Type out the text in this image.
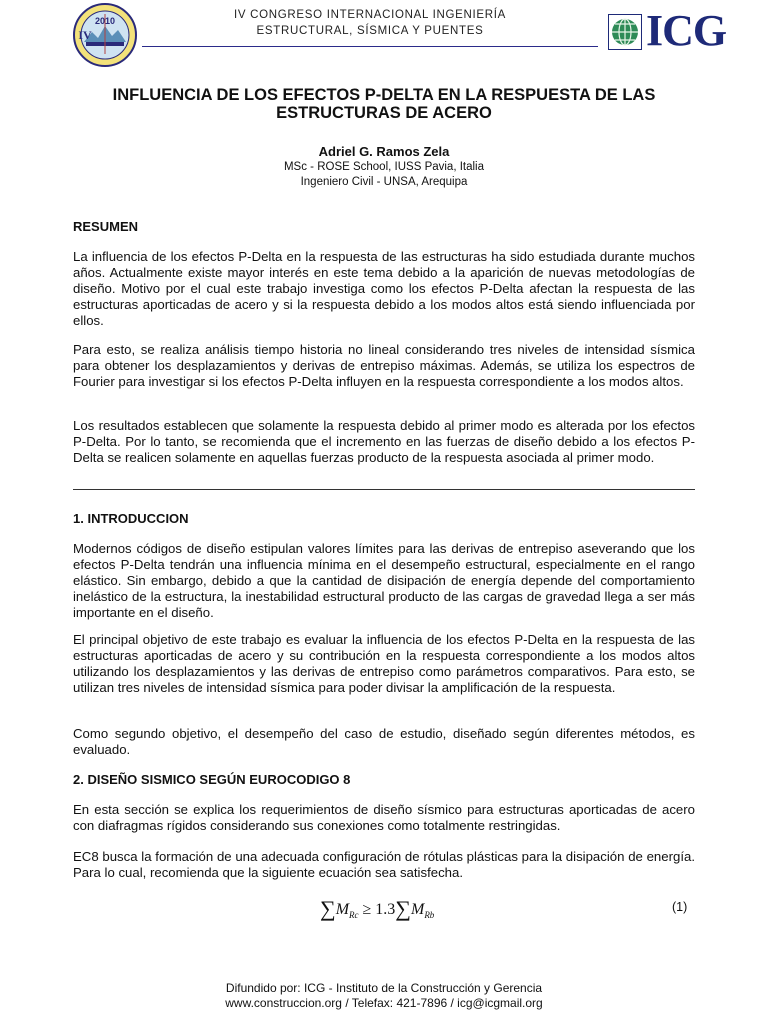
2010
IV
IV CONGRESO INTERNACIONAL INGENIERÍA
ESTRUCTURAL, SÍSMICA Y PUENTES	ICG
INFLUENCIA DE LOS EFECTOS P-DELTA EN LA RESPUESTA DE LAS ESTRUCTURAS DE ACERO
Adriel G. Ramos Zela
MSc - ROSE School, IUSS Pavia, Italia
Ingeniero Civil - UNSA, Arequipa
RESUMEN

La influencia de los efectos P-Delta en la respuesta de las estructuras ha sido estudiada durante muchos años. Actualmente existe mayor interés en este tema debido a la aparición de nuevas metodologías de diseño. Motivo por el cual este trabajo investiga como los efectos P-Delta afectan la respuesta de las estructuras aporticadas de acero y si la respuesta debido a los modos altos está siendo influenciada por ellos.

Para esto, se realiza análisis tiempo historia no lineal considerando tres niveles de intensidad sísmica para obtener los desplazamientos y derivas de entrepiso máximas. Además, se utiliza los espectros de Fourier para investigar si los efectos P-Delta influyen en la respuesta correspondiente a los modos altos.

Los resultados establecen que solamente la respuesta debido al primer modo es alterada por los efectos P-Delta. Por lo tanto, se recomienda que el incremento en las fuerzas de diseño debido a los efectos P-Delta se realicen solamente en aquellas fuerzas producto de la respuesta asociada al primer modo.

1. INTRODUCCION

Modernos códigos de diseño estipulan valores límites para las derivas de entrepiso aseverando que los efectos P-Delta tendrán una influencia mínima en el desempeño estructural, especialmente en el rango elástico. Sin embargo, debido a que la cantidad de disipación de energía depende del comportamiento inelástico de la estructura, la inestabilidad estructural producto de las cargas de gravedad llega a ser más importante en el diseño.

El principal objetivo de este trabajo es evaluar la influencia de los efectos P-Delta en la respuesta de las estructuras aporticadas de acero y su contribución en la respuesta correspondiente a los modos altos utilizando los desplazamientos y las derivas de entrepiso como parámetros comparativos. Para esto, se utilizan tres niveles de intensidad sísmica para poder divisar la amplificación de la respuesta.

Como segundo objetivo, el desempeño del caso de estudio, diseñado según diferentes métodos, es evaluado.

2. DISEÑO SISMICO SEGÚN EUROCODIGO 8

En esta sección se explica los requerimientos de diseño sísmico para estructuras aporticadas de acero con diafragmas rígidos considerando sus conexiones como totalmente restringidas.

EC8 busca la formación de una adecuada configuración de rótulas plásticas para la disipación de energía. Para lo cual, recomienda que la siguiente ecuación sea satisfecha.

$\sum M_{Rc} \ge 1.3\sum M_{Rb}$
(1)
Difundido por: ICG - Instituto de la Construcción y Gerencia
www.construccion.org / Telefax: 421-7896 / icg@icgmail.org
